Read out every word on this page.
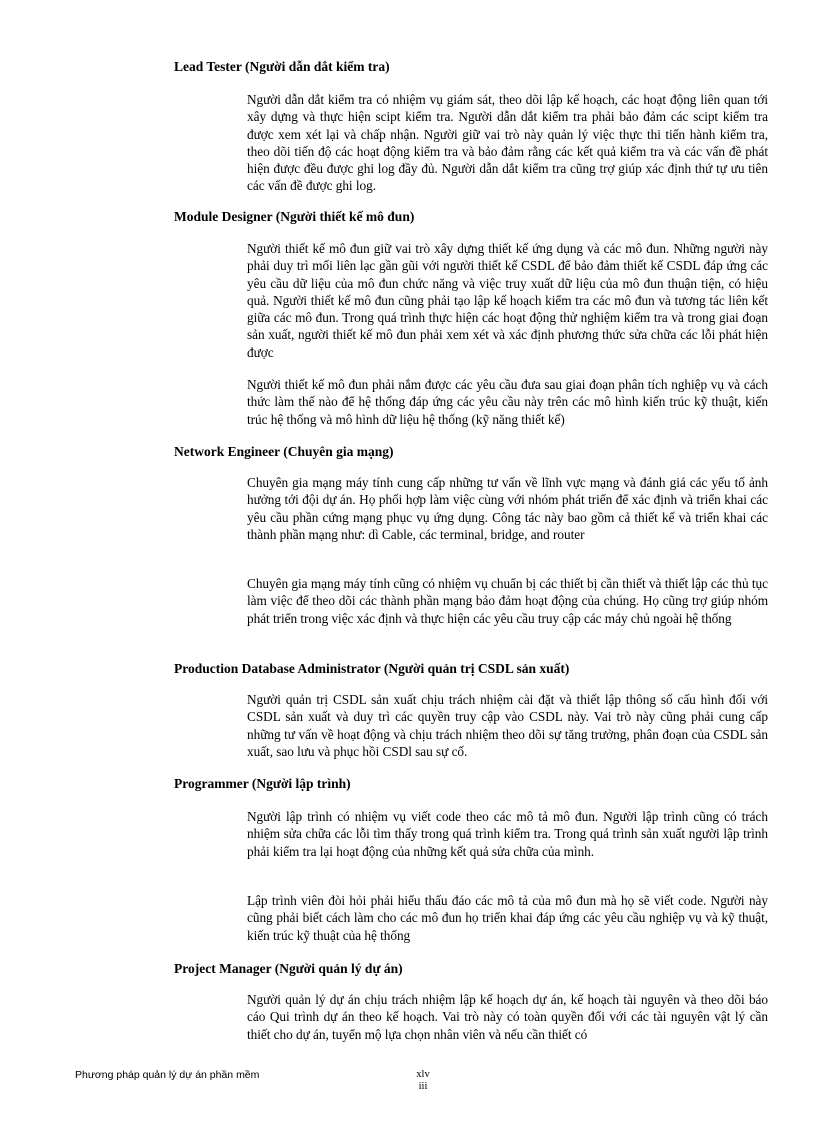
Lead Tester (Người dẫn dắt kiểm tra)
Người dẫn dắt kiểm tra có nhiệm vụ giám sát, theo dõi lập kế hoạch, các hoạt động liên quan tới xây dựng và thực hiện scipt kiểm tra. Người dẫn dắt kiểm tra phải bảo đảm các scipt kiểm tra được xem xét lại và chấp nhận. Người giữ vai trò này quản lý việc thực thi tiến hành kiểm tra, theo dõi tiến độ các hoạt động kiểm tra và bảo đảm rằng các kết quả kiểm tra và các vấn đề phát hiện được đều được ghi log đầy đủ. Người dẫn dắt kiểm tra cũng trợ giúp xác định thứ tự ưu tiên các vấn đề được ghi log.
Module Designer (Người thiết kế mô đun)
Người thiết kế mô đun giữ vai trò xây dựng thiết kế ứng dụng và các mô đun. Những người này phải duy trì mối liên lạc gần gũi với người thiết kế CSDL để bảo đảm thiết kế CSDL đáp ứng các yêu cầu dữ liệu của mô đun chức năng và việc truy xuất dữ liệu của mô đun thuận tiện, có hiệu quả. Người thiết kế mô đun cũng phải tạo lập kế hoạch kiểm tra các mô đun và tương tác liên kết giữa các mô đun. Trong quá trình thực hiện các hoạt động thử nghiệm kiểm tra và trong giai đoạn sản xuất, người thiết kế mô đun phải xem xét và xác định phương thức sửa chữa các lỗi phát hiện được
Người thiết kế mô đun phải nắm được các yêu cầu đưa sau giai đoạn phân tích nghiệp vụ và cách thức làm thế nào để hệ thống đáp ứng các yêu cầu này trên các mô hình kiến trúc kỹ thuật, kiến trúc hệ thống và mô hình dữ liệu hệ thống (kỹ năng thiết kế)
Network Engineer (Chuyên gia mạng)
Chuyên gia mạng máy tính cung cấp những tư vấn về lĩnh vực mạng và đánh giá các yếu tố ảnh hưởng tới đội dự án. Họ phối hợp làm việc cùng với nhóm phát triển để xác định và triển khai các yêu cầu phần cứng mạng phục vụ ứng dụng. Công tác này bao gồm cả thiết kế và triển khai các thành phần mạng như: dì Cable, các terminal, bridge, and router
Chuyên gia mạng máy tính cũng có nhiệm vụ chuẩn bị các thiết bị cần thiết và thiết lập các thủ tục làm việc để theo dõi các thành phần mạng bảo đảm hoạt động của chúng. Họ cũng trợ giúp nhóm phát triển trong việc xác định và thực hiện các yêu cầu truy cập các máy chủ ngoài hệ thống
Production Database Administrator (Người quản trị CSDL sản xuất)
Người quản trị CSDL sản xuất chịu trách nhiệm cài đặt và thiết lập thông số cấu hình đối với CSDL sản xuất và duy trì các quyền truy cập vào CSDL này. Vai trò này cũng phải cung cấp những tư vấn về hoạt động và chịu trách nhiệm theo dõi sự tăng trưởng, phân đoạn của CSDL sản xuất, sao lưu và phục hồi CSDl sau sự cố.
Programmer (Người lập trình)
Người lập trình có nhiệm vụ viết code theo các mô tả mô đun. Người lập trình cũng có trách nhiệm sửa chữa các lỗi tìm thấy trong quá trình kiểm tra. Trong quá trình sản xuất người lập trình phải kiểm tra lại hoạt động của những kết quả sửa chữa của mình.
Lập trình viên đòi hỏi phải hiểu thấu đáo các mô tả của mô đun mà họ sẽ viết code. Người này cũng phải biết cách làm cho các mô đun họ triển khai đáp ứng các yêu cầu nghiệp vụ và kỹ thuật, kiến trúc kỹ thuật của hệ thống
Project Manager (Người quản lý dự án)
Người quản lý dự án chịu trách nhiệm lập kế hoạch dự án, kế hoạch tài nguyên và theo dõi báo cáo Qui trình dự án theo kế hoạch. Vai trò này có toàn quyền đối với các tài nguyên vật lý cần thiết cho dự án, tuyển mộ lựa chọn nhân viên và nếu cần thiết có
Phương pháp quản lý dự án phần mềm	xlv
iii
